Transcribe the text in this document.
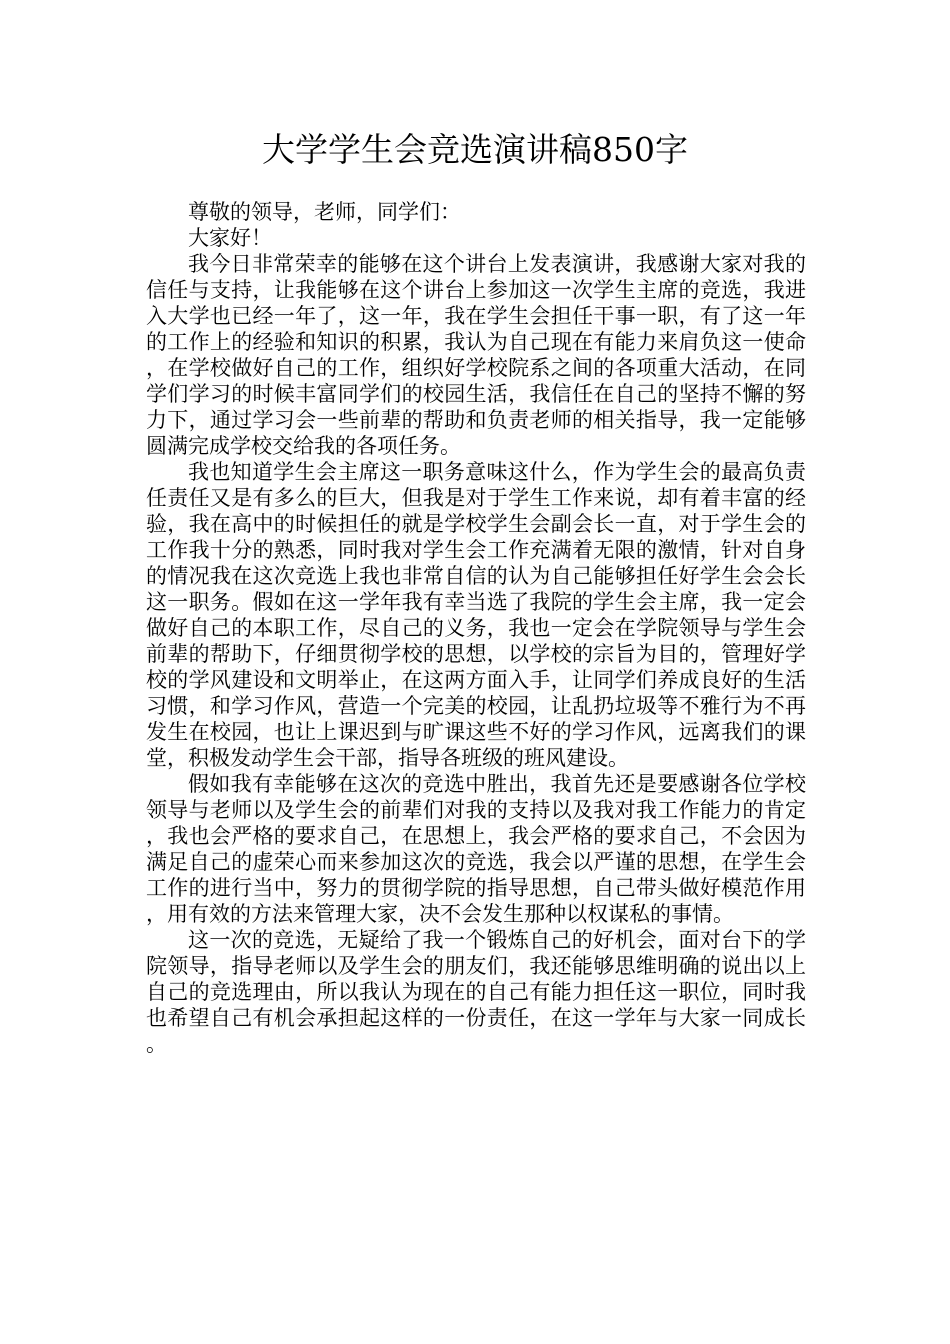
大学学生会竞选演讲稿850字

尊敬的领导，老师，同学们：

大家好！

我今日非常荣幸的能够在这个讲台上发表演讲，我感谢大家对我的信任与支持，让我能够在这个讲台上参加这一次学生主席的竞选，我进入大学也已经一年了，这一年，我在学生会担任干事一职，有了这一年的工作上的经验和知识的积累，我认为自己现在有能力来肩负这一使命，在学校做好自己的工作，组织好学校院系之间的各项重大活动，在同学们学习的时候丰富同学们的校园生活，我信任在自己的坚持不懈的努力下，通过学习会一些前辈的帮助和负责老师的相关指导，我一定能够圆满完成学校交给我的各项任务。

我也知道学生会主席这一职务意味这什么，作为学生会的最高负责任责任又是有多么的巨大，但我是对于学生工作来说，却有着丰富的经验，我在高中的时候担任的就是学校学生会副会长一直，对于学生会的工作我十分的熟悉，同时我对学生会工作充满着无限的激情，针对自身的情况我在这次竞选上我也非常自信的认为自己能够担任好学生会会长这一职务。假如在这一学年我有幸当选了我院的学生会主席，我一定会做好自己的本职工作，尽自己的义务，我也一定会在学院领导与学生会前辈的帮助下，仔细贯彻学校的思想，以学校的宗旨为目的，管理好学校的学风建设和文明举止，在这两方面入手，让同学们养成良好的生活习惯，和学习作风，营造一个完美的校园，让乱扔垃圾等不雅行为不再发生在校园，也让上课迟到与旷课这些不好的学习作风，远离我们的课堂，积极发动学生会干部，指导各班级的班风建设。

假如我有幸能够在这次的竞选中胜出，我首先还是要感谢各位学校领导与老师以及学生会的前辈们对我的支持以及我对我工作能力的肯定，我也会严格的要求自己，在思想上，我会严格的要求自己，不会因为满足自己的虚荣心而来参加这次的竞选，我会以严谨的思想，在学生会工作的进行当中，努力的贯彻学院的指导思想，自己带头做好模范作用，用有效的方法来管理大家，决不会发生那种以权谋私的事情。

这一次的竞选，无疑给了我一个锻炼自己的好机会，面对台下的学院领导，指导老师以及学生会的朋友们，我还能够思维明确的说出以上自己的竞选理由，所以我认为现在的自己有能力担任这一职位，同时我也希望自己有机会承担起这样的一份责任，在这一学年与大家一同成长。
